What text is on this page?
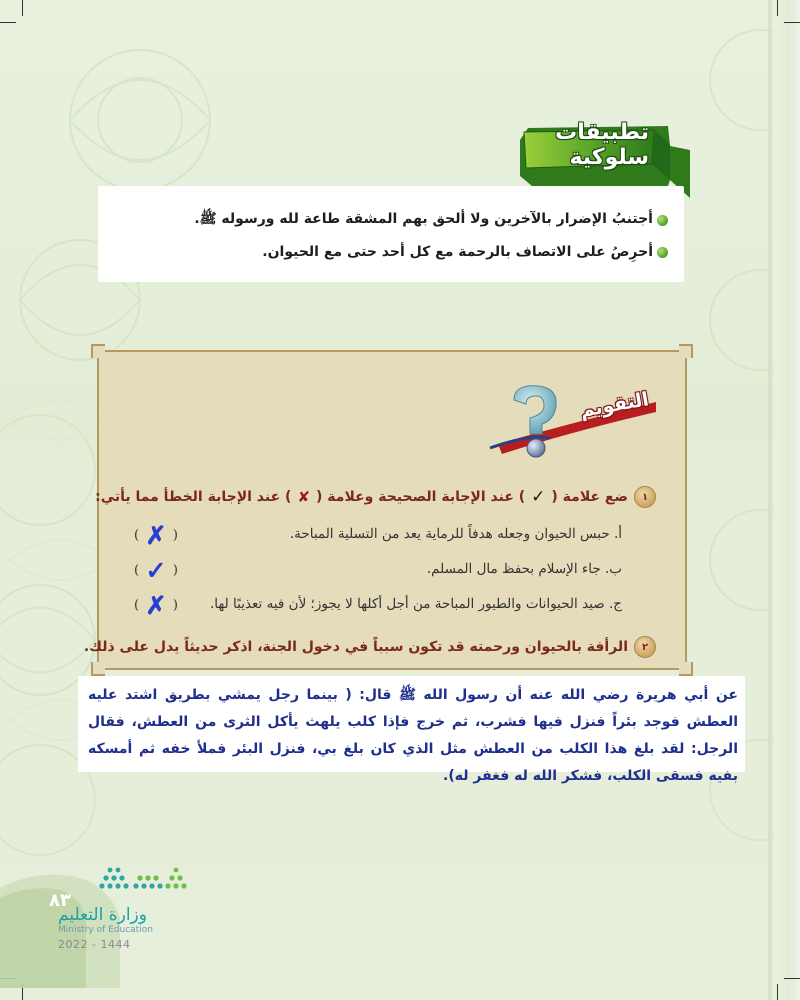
تطبيقات سلوكية
أجتنبُ الإضرار بالآخرين ولا ألحق بهم المشقة طاعة لله ورسوله ﷺ.
أحرِصُ على الاتصاف بالرحمة مع كل أحد حتى مع الحيوان.
التقويم
١
ضع علامة (
✓
) عند الإجابة الصحيحة وعلامة (
✘
) عند الإجابة الخطأ مما يأتي:
أ. حبس الحيوان وجعله هدفاً للرماية يعد من التسلية المباحة.
(
✗
)
ب. جاء الإسلام بحفظ مال المسلم.
(
✓
)
ج. صيد الحيوانات والطيور المباحة من أجل أكلها لا يجوز؛ لأن فيه تعذيبًا لها.
(
✗
)
٢
الرأفة بالحيوان ورحمته قد تكون سبباً في دخول الجنة، اذكر حديثاً يدل على ذلك.
عن أبي هريرة رضي الله عنه أن رسول الله ﷺ قال: ( بينما رجل يمشي بطريق اشتد عليه العطش فوجد بئراً فنزل فيها فشرب، ثم خرج فإذا كلب يلهث يأكل الثرى من العطش، فقال الرجل: لقد بلغ هذا الكلب من العطش مثل الذي كان بلغ بي، فنزل البئر فملأ خفه ثم أمسكه بفيه فسقى الكلب، فشكر الله له فغفر له).
٨٣
وزارة التعليم
Ministry of Education
2022 - 1444
